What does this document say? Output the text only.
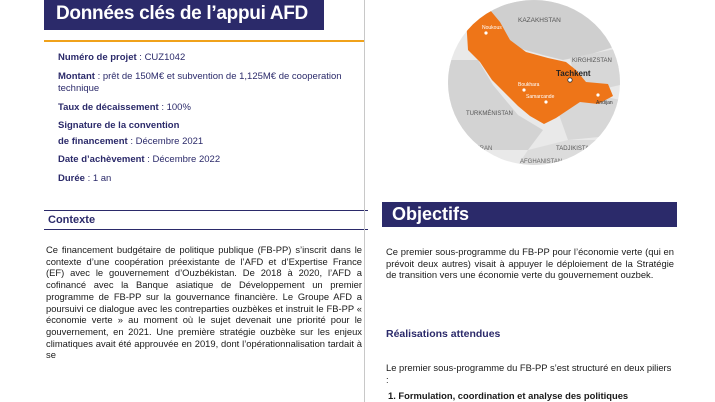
Données clés de l’appui AFD
Numéro de projet : CUZ1042
Montant : prêt de 150M€ et subvention de 1,125M€ de cooperation technique
Taux de décaissement : 100%
Signature de la convention
de financement : Décembre 2021
Date d’achèvement : Décembre 2022
Durée : 1 an
Contexte
Ce financement budgétaire de politique publique (FB-PP) s’inscrit dans le contexte d’une coopération préexistante de l’AFD et d’Expertise France (EF) avec le gouvernement d’Ouzbékistan. De 2018 à 2020, l’AFD a cofinancé avec la Banque asiatique de Développement un premier programme de FB-PP sur la gouvernance financière. Le Groupe AFD a poursuivi ce dialogue avec les contreparties ouzbèkes et instruit le FB-PP « économie verte » au moment où le sujet devenait une priorité pour le gouvernement, en 2021. Une première stratégie ouzbèke sur les enjeux climatiques avait été approuvée en 2019, dont l’opérationnalisation tardait à se
KAZAKHSTAN
KIRGHIZSTAN
Tachkent
TURKMÉNISTAN
TADJIKISTAN
IRAN
AFGHANISTAN
Noukous
Boukhara
Samarcande
Andijan
Objectifs
Ce premier sous-programme du FB-PP pour l’économie verte (qui en prévoit deux autres) visait à appuyer le déploiement de la Stratégie de transition vers une économie verte du gouvernement ouzbek.
Réalisations attendues
Le premier sous-programme du FB-PP s’est structuré en deux piliers :
1. Formulation, coordination et analyse des politiques
